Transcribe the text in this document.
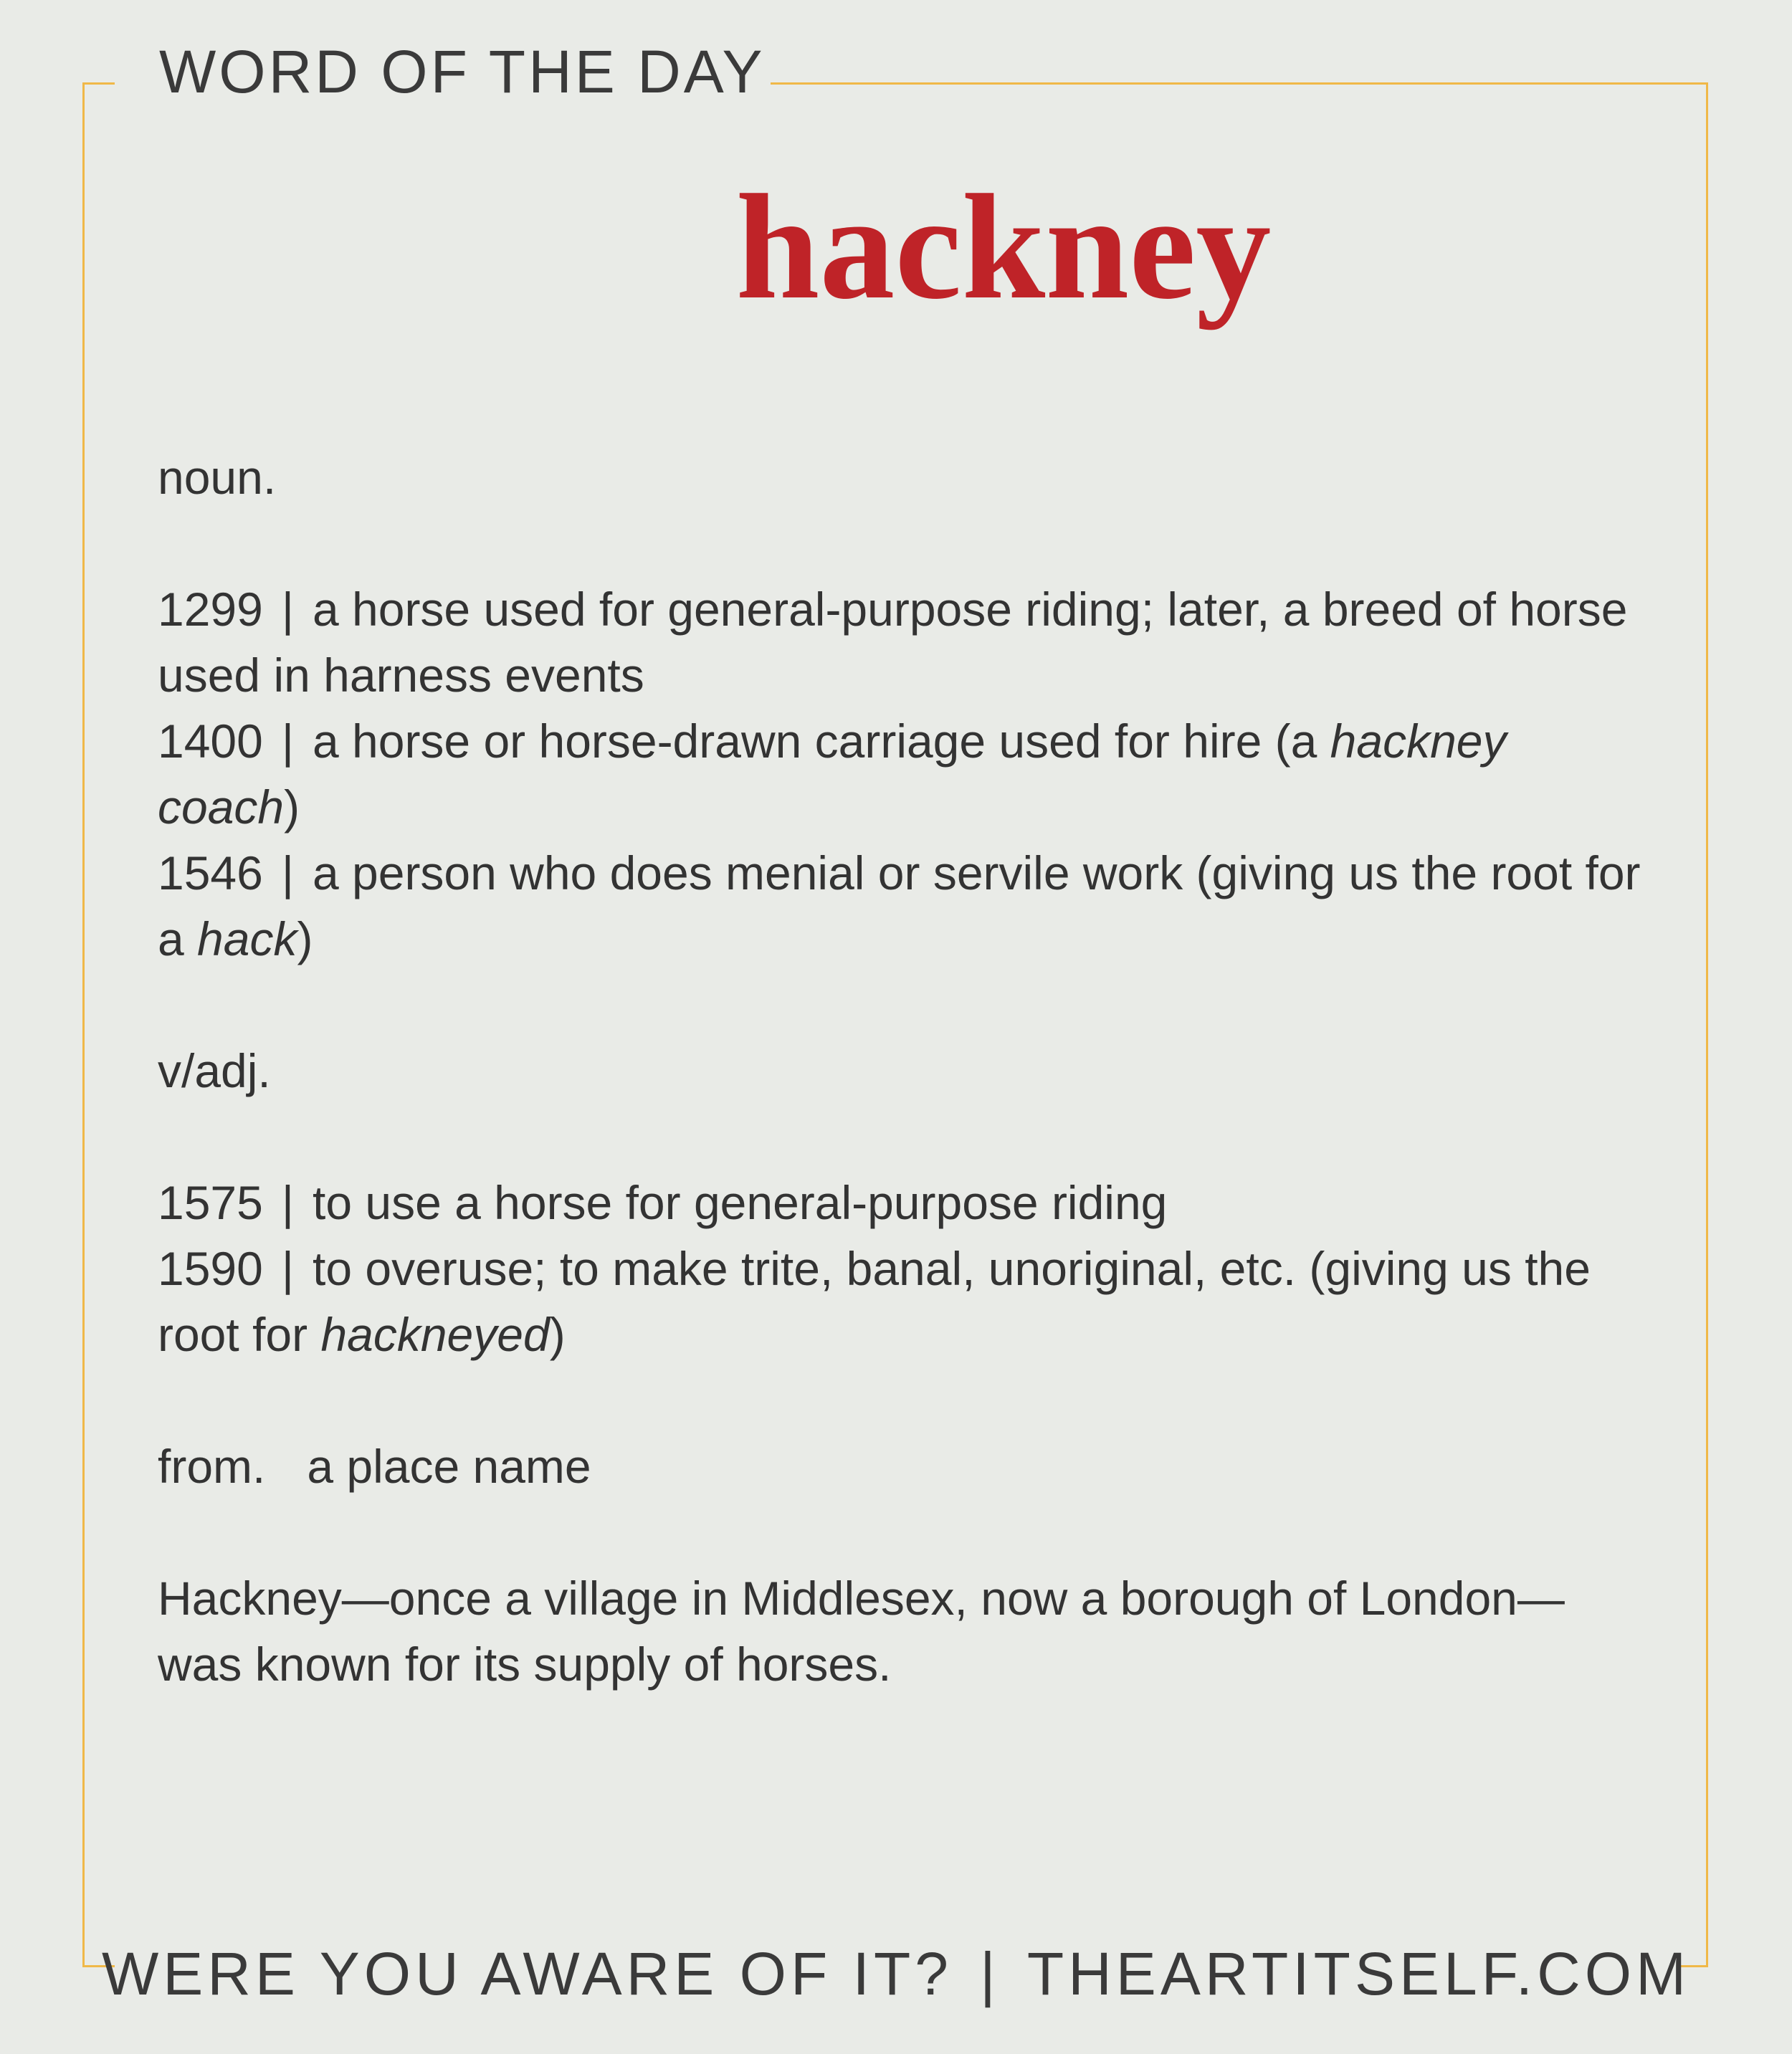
WORD OF THE DAY
hackney

noun.

1299 | a horse used for general-purpose riding; later, a breed of horse used in harness events

1400 | a horse or horse-drawn carriage used for hire (a hackney coach)

1546 | a person who does menial or servile work (giving us the root for a hack)

v/adj.

1575 | to use a horse for general-purpose riding

1590 | to overuse; to make trite, banal, unoriginal, etc. (giving us the root for hackneyed)

from. a place name

Hackney—once a village in Middlesex, now a borough of London—was known for its supply of horses.

WERE YOU AWARE OF IT? | THEARTITSELF.COM
